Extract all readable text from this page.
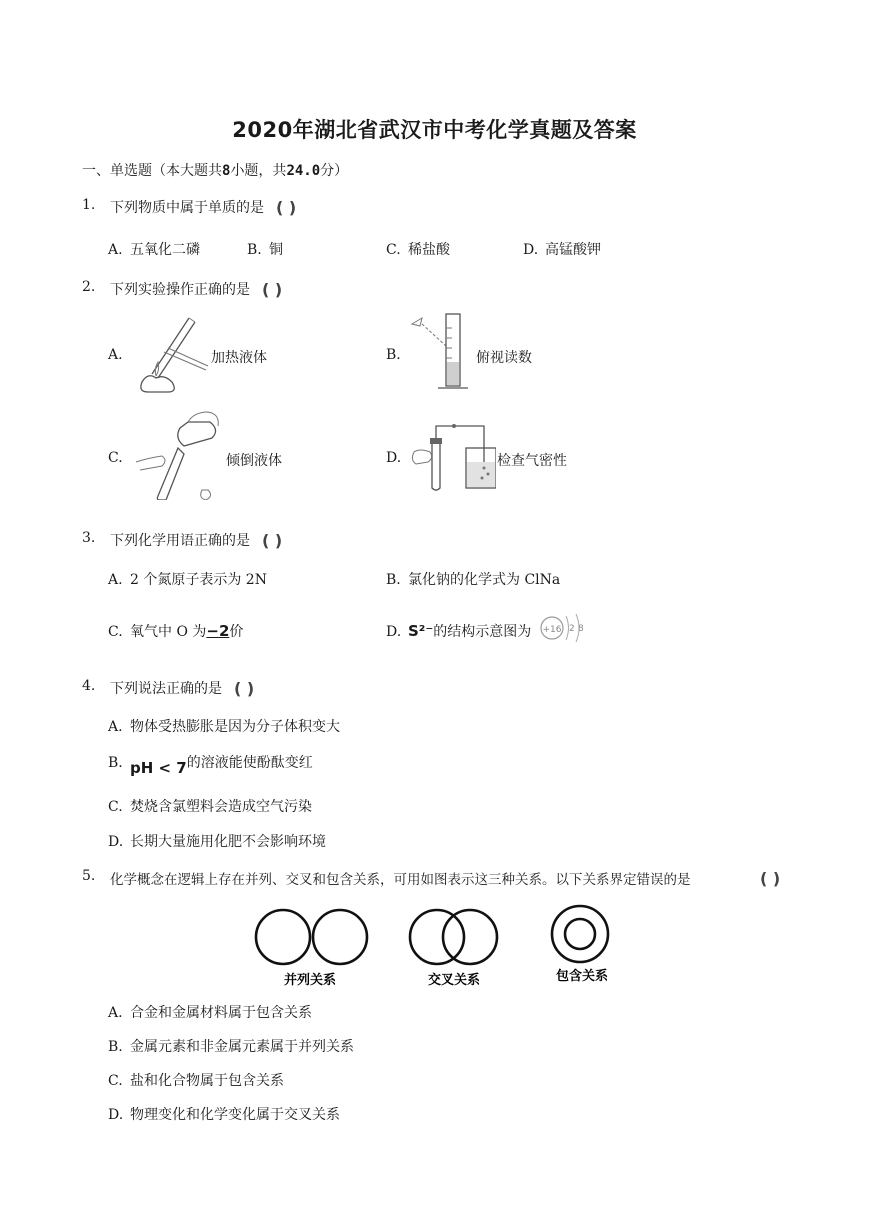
2020年湖北省武汉市中考化学真题及答案
一、单选题（本大题共8小题，共24.0分）
1. 下列物质中属于单质的是 ( )
A. 五氧化二磷	B. 铜	C. 稀盐酸	D. 高锰酸钾
2. 下列实验操作正确的是 ( )
A.	加热液体	B.	俯视读数
C.	倾倒液体	D.	检查气密性
3. 下列化学用语正确的是 ( )
A. 2 个氮原子表示为 2N	B. 氯化钠的化学式为 ClNa
C. 氧气中 O 为−2价	D. S²⁻的结构示意图为 +16 2 8
4. 下列说法正确的是 ( )
A. 物体受热膨胀是因为分子体积变大
B. pH < 7的溶液能使酚酞变红
C. 焚烧含氯塑料会造成空气污染
D. 长期大量施用化肥不会影响环境
5. 化学概念在逻辑上存在并列、交叉和包含关系，可用如图表示这三种关系。以下关系界定错误的是	( )
并列关系	交叉关系	包含关系
A. 合金和金属材料属于包含关系
B. 金属元素和非金属元素属于并列关系
C. 盐和化合物属于包含关系
D. 物理变化和化学变化属于交叉关系
